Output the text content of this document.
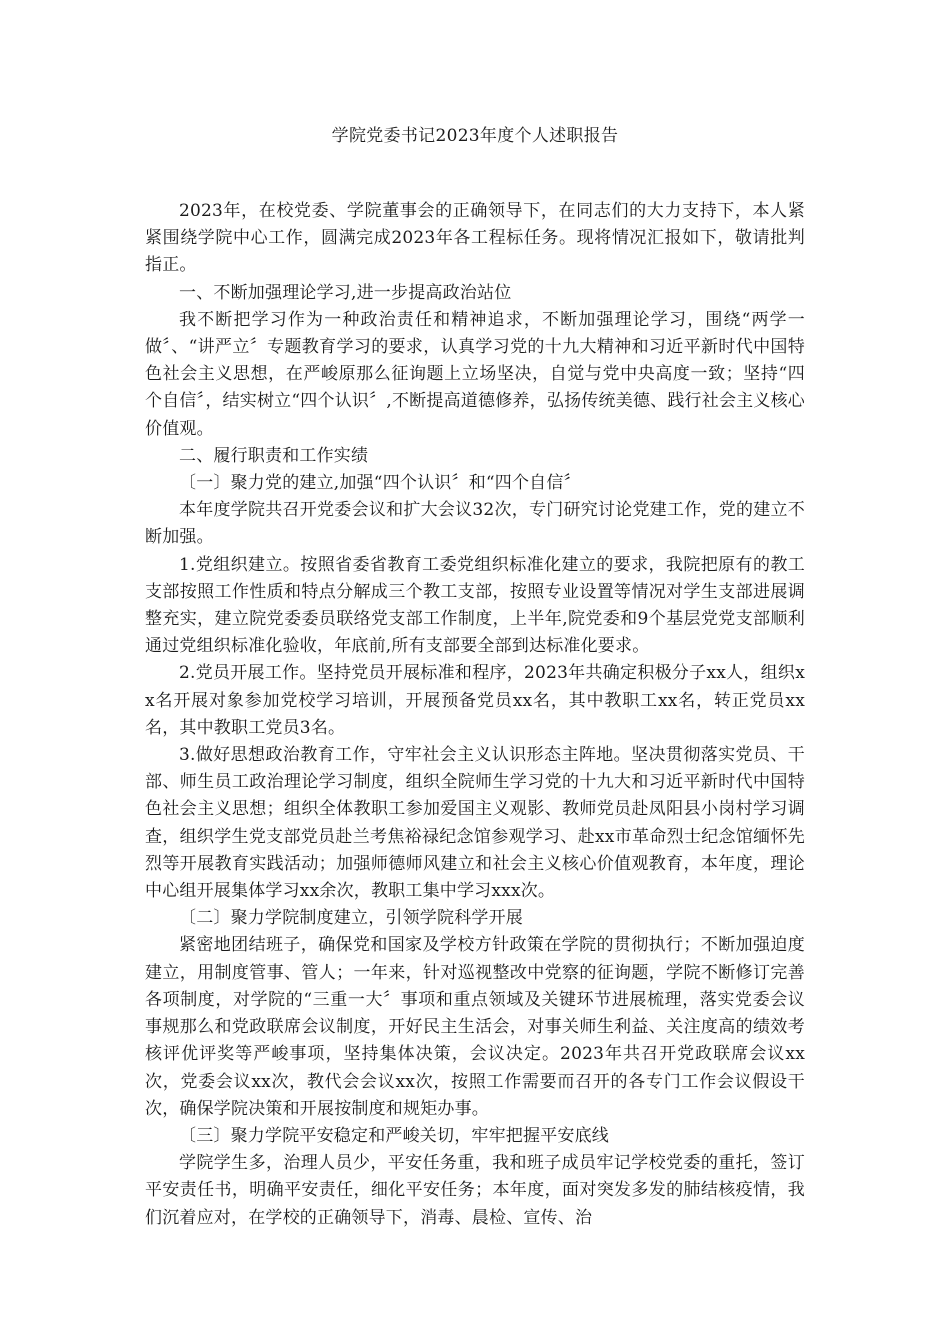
学院党委书记2023年度个人述职报告

2023年，在校党委、学院董事会的正确领导下，在同志们的大力支持下，本人紧紧围绕学院中心工作，圆满完成2023年各工程标任务。现将情况汇报如下，敬请批判指正。

一、不断加强理论学习,进一步提高政治站位

我不断把学习作为一种政治责任和精神追求，不断加强理论学习，围绕“两学一做〞、“讲严立〞专题教育学习的要求，认真学习党的十九大精神和习近平新时代中国特色社会主义思想，在严峻原那么征询题上立场坚决，自觉与党中央高度一致；坚持“四个自信〞，结实树立“四个认识〞,不断提高道德修养，弘扬传统美德、践行社会主义核心价值观。

二、履行职责和工作实绩

〔一〕聚力党的建立,加强“四个认识〞和“四个自信〞

本年度学院共召开党委会议和扩大会议32次，专门研究讨论党建工作，党的建立不断加强。

1.党组织建立。按照省委省教育工委党组织标准化建立的要求，我院把原有的教工支部按照工作性质和特点分解成三个教工支部，按照专业设置等情况对学生支部进展调整充实，建立院党委委员联络党支部工作制度，上半年,院党委和9个基层党党支部顺利通过党组织标准化验收，年底前,所有支部要全部到达标准化要求。

2.党员开展工作。坚持党员开展标准和程序，2023年共确定积极分子xx人，组织xx名开展对象参加党校学习培训，开展预备党员xx名，其中教职工xx名，转正党员xx名，其中教职工党员3名。

3.做好思想政治教育工作，守牢社会主义认识形态主阵地。坚决贯彻落实党员、干部、师生员工政治理论学习制度，组织全院师生学习党的十九大和习近平新时代中国特色社会主义思想；组织全体教职工参加爱国主义观影、教师党员赴凤阳县小岗村学习调查，组织学生党支部党员赴兰考焦裕禄纪念馆参观学习、赴xx市革命烈士纪念馆缅怀先烈等开展教育实践活动；加强师德师风建立和社会主义核心价值观教育，本年度，理论中心组开展集体学习xx余次，教职工集中学习xxx次。

〔二〕聚力学院制度建立，引领学院科学开展

紧密地团结班子，确保党和国家及学校方针政策在学院的贯彻执行；不断加强迫度建立，用制度管事、管人；一年来，针对巡视整改中党察的征询题，学院不断修订完善各项制度，对学院的“三重一大〞事项和重点领域及关键环节进展梳理，落实党委会议事规那么和党政联席会议制度，开好民主生活会，对事关师生利益、关注度高的绩效考核评优评奖等严峻事项，坚持集体决策，会议决定。2023年共召开党政联席会议xx次，党委会议xx次，教代会会议xx次，按照工作需要而召开的各专门工作会议假设干次，确保学院决策和开展按制度和规矩办事。

〔三〕聚力学院平安稳定和严峻关切，牢牢把握平安底线

学院学生多，治理人员少，平安任务重，我和班子成员牢记学校党委的重托，签订平安责任书，明确平安责任，细化平安任务；本年度，面对突发多发的肺结核疫情，我们沉着应对，在学校的正确领导下，消毒、晨检、宣传、治
